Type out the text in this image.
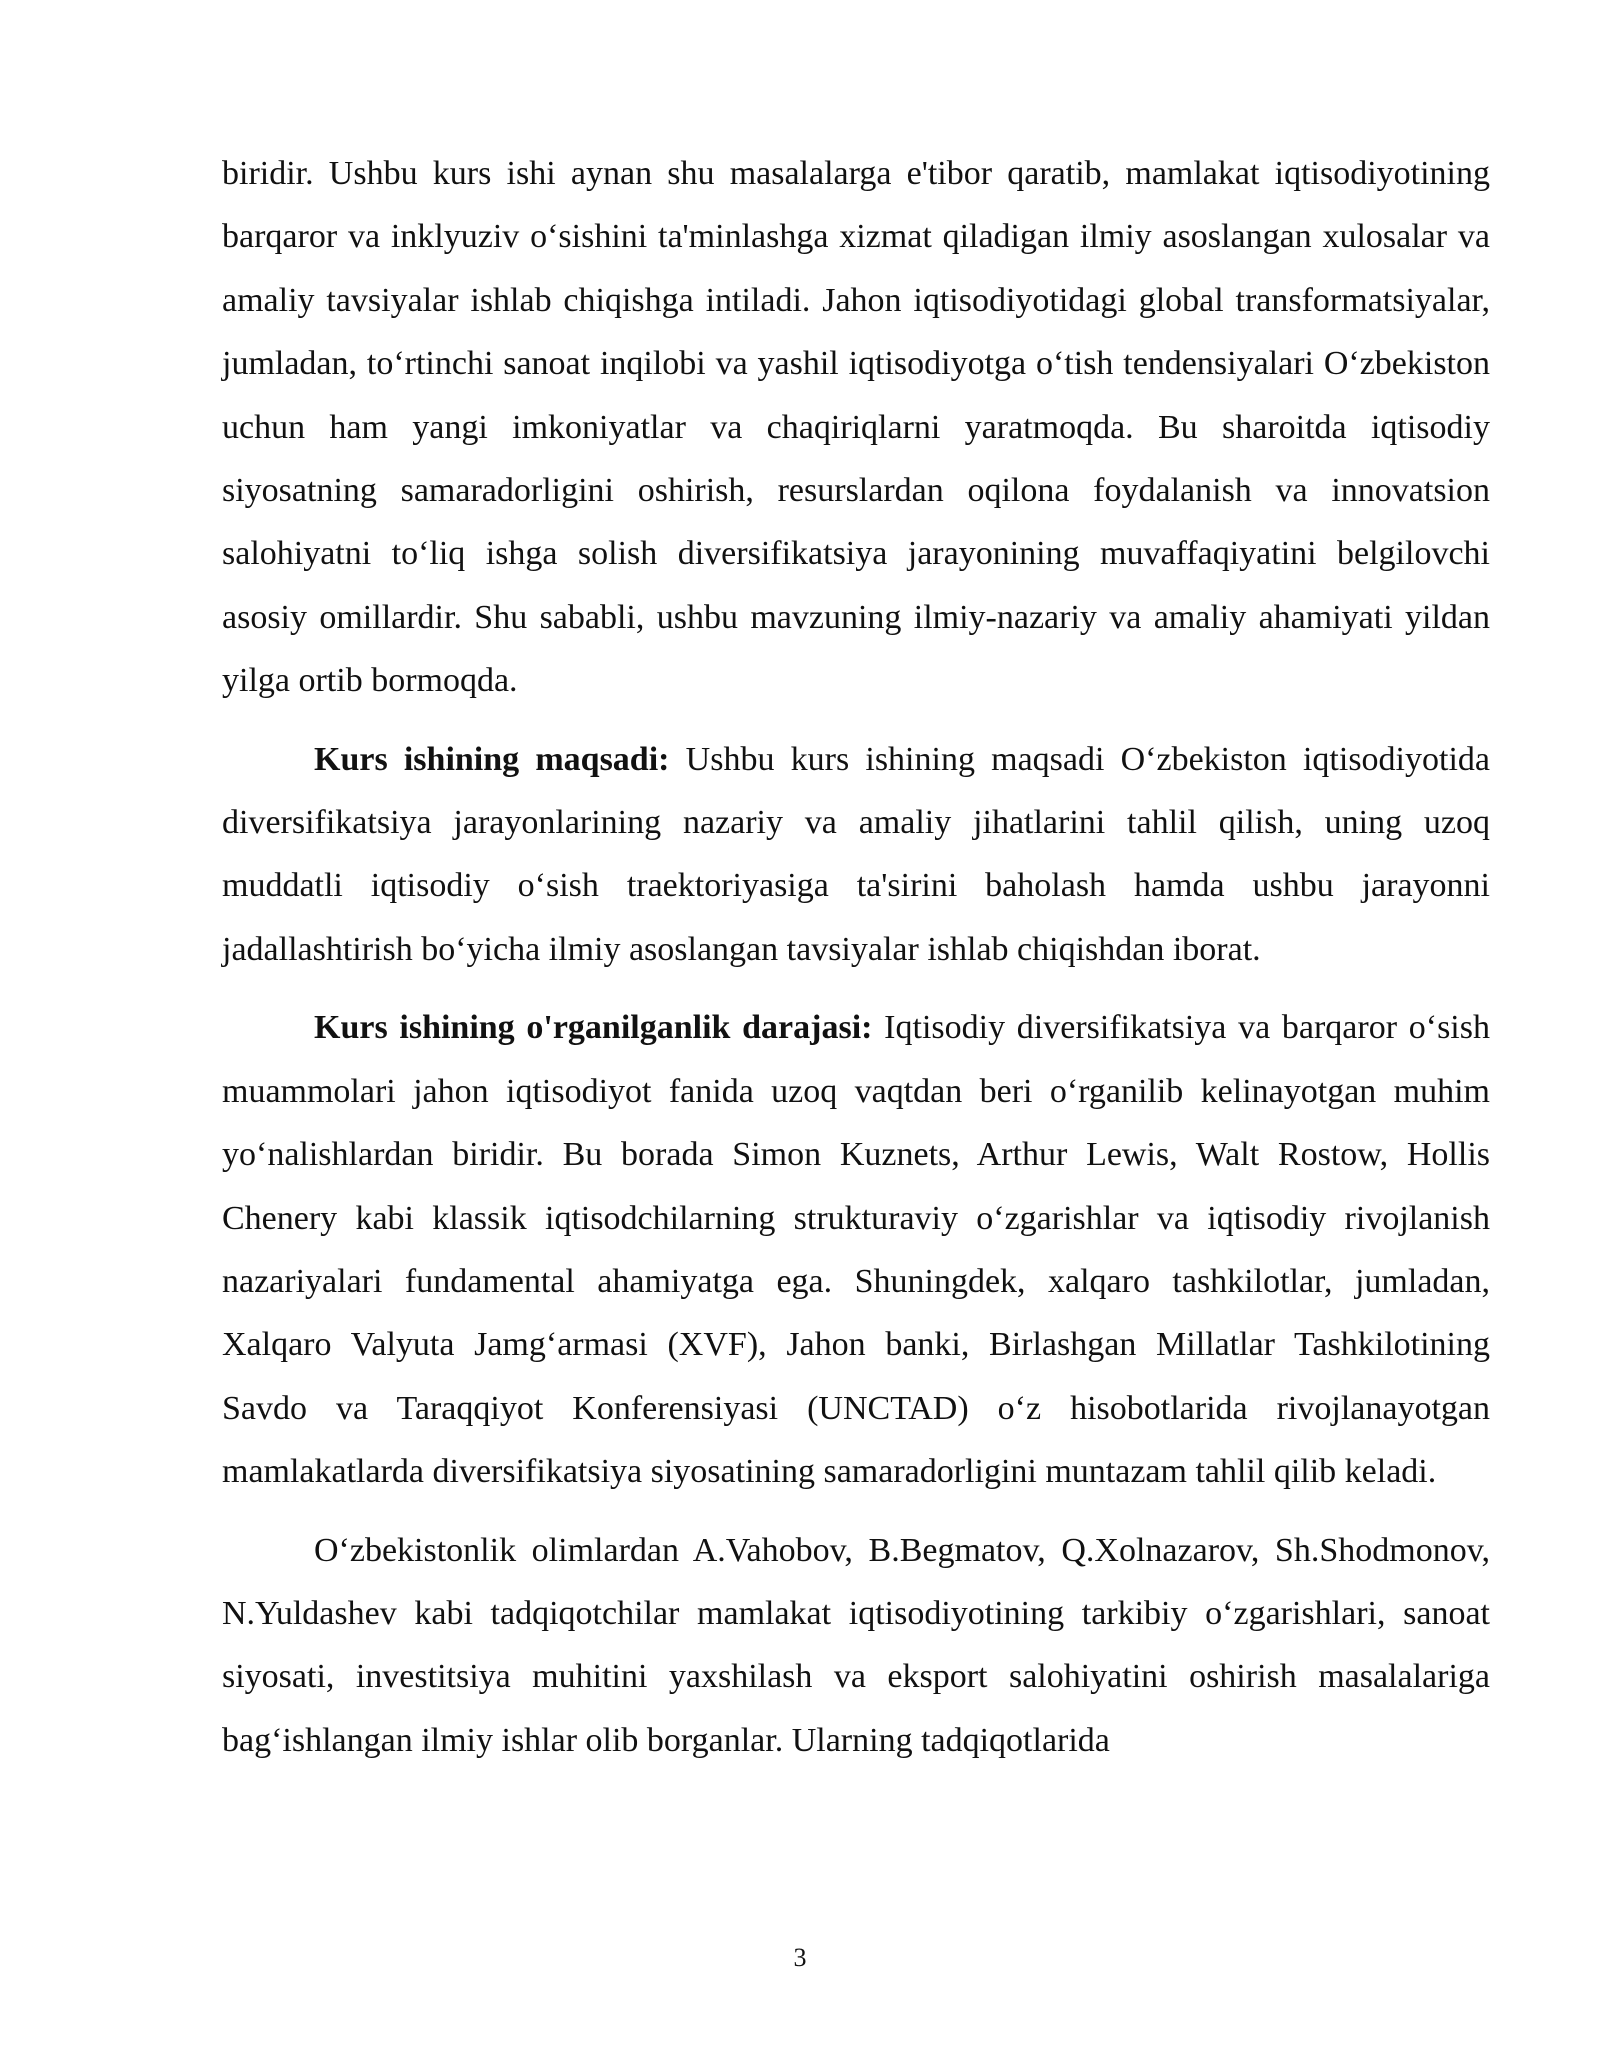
biridir. Ushbu kurs ishi aynan shu masalalarga e'tibor qaratib, mamlakat iqtisodiyotining barqaror va inklyuziv oʻsishini ta'minlashga xizmat qiladigan ilmiy asoslangan xulosalar va amaliy tavsiyalar ishlab chiqishga intiladi. Jahon iqtisodiyotidagi global transformatsiyalar, jumladan, toʻrtinchi sanoat inqilobi va yashil iqtisodiyotga oʻtish tendensiyalari Oʻzbekiston uchun ham yangi imkoniyatlar va chaqiriqlarni yaratmoqda. Bu sharoitda iqtisodiy siyosatning samaradorligini oshirish, resurslardan oqilona foydalanish va innovatsion salohiyatni toʻliq ishga solish diversifikatsiya jarayonining muvaffaqiyatini belgilovchi asosiy omillardir. Shu sababli, ushbu mavzuning ilmiy-nazariy va amaliy ahamiyati yildan yilga ortib bormoqda.

Kurs ishining maqsadi: Ushbu kurs ishining maqsadi Oʻzbekiston iqtisodiyotida diversifikatsiya jarayonlarining nazariy va amaliy jihatlarini tahlil qilish, uning uzoq muddatli iqtisodiy oʻsish traektoriyasiga ta'sirini baholash hamda ushbu jarayonni jadallashtirish boʻyicha ilmiy asoslangan tavsiyalar ishlab chiqishdan iborat.

Kurs ishining o'rganilganlik darajasi: Iqtisodiy diversifikatsiya va barqaror oʻsish muammolari jahon iqtisodiyot fanida uzoq vaqtdan beri oʻrganilib kelinayotgan muhim yoʻnalishlardan biridir. Bu borada Simon Kuznets, Arthur Lewis, Walt Rostow, Hollis Chenery kabi klassik iqtisodchilarning strukturaviy oʻzgarishlar va iqtisodiy rivojlanish nazariyalari fundamental ahamiyatga ega. Shuningdek, xalqaro tashkilotlar, jumladan, Xalqaro Valyuta Jamgʻarmasi (XVF), Jahon banki, Birlashgan Millatlar Tashkilotining Savdo va Taraqqiyot Konferensiyasi (UNCTAD) oʻz hisobotlarida rivojlanayotgan mamlakatlarda diversifikatsiya siyosatining samaradorligini muntazam tahlil qilib keladi.

Oʻzbekistonlik olimlardan A.Vahobov, B.Begmatov, Q.Xolnazarov, Sh.Shodmonov, N.Yuldashev kabi tadqiqotchilar mamlakat iqtisodiyotining tarkibiy oʻzgarishlari, sanoat siyosati, investitsiya muhitini yaxshilash va eksport salohiyatini oshirish masalalariga bagʻishlangan ilmiy ishlar olib borganlar. Ularning tadqiqotlarida

3
